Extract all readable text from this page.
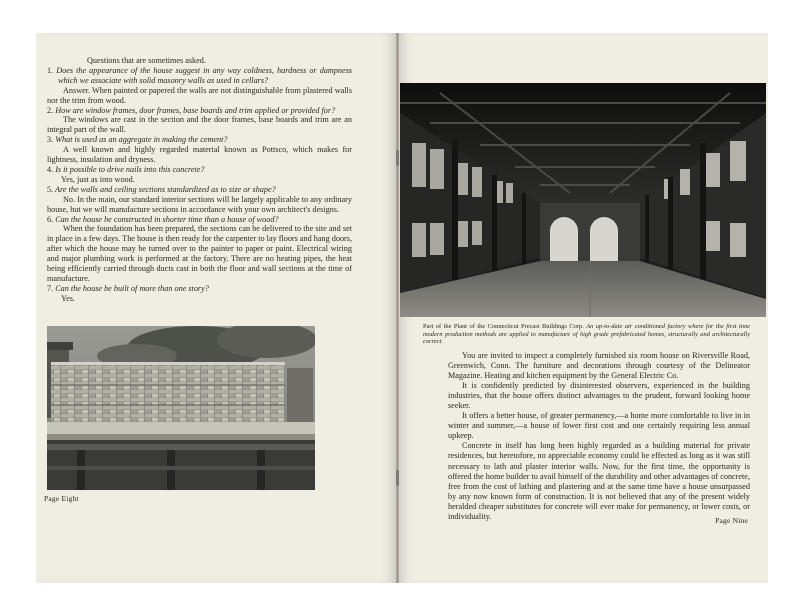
Questions that are sometimes asked.

1. Does the appearance of the house suggest in any way coldness, hardness or dampness which we associate with solid masonry walls as used in cellars?

Answer. When painted or papered the walls are not distinguishable from plastered walls nor the trim from wood.

2. How are window frames, door frames, base boards and trim applied or provided for?

The windows are cast in the section and the door frames, base boards and trim are an integral part of the wall.

3. What is used as an aggregate in making the cement?

A well known and highly regarded material known as Pottsco, which makes for lightness, insulation and dryness.

4. Is it possible to drive nails into this concrete?

Yes, just as into wood.

5. Are the walls and ceiling sections standardized as to size or shape?

No. In the main, our standard interior sections will be largely applicable to any ordinary house, but we will manufacture sections in accordance with your own architect's designs.

6. Can the house be constructed in shorter time than a house of wood?

When the foundation has been prepared, the sections can be delivered to the site and set in place in a few days. The house is then ready for the carpenter to lay floors and hang doors, after which the house may be turned over to the painter to paper or paint. Electrical wiring and major plumbing work is performed at the factory. There are no heating pipes, the heat being efficiently carried through ducts cast in both the floor and wall sections at the time of manufacture.

7. Can the house be built of more than one story?

Yes.

Page Eight
Part of the Plant of the Connecticut Precast Buildings Corp. An up-to-date air conditioned factory where for the first time modern production methods are applied to manufacture of high grade prefabricated homes, structurally and architecturally correct.

You are invited to inspect a completely furnished six room house on Riversville Road, Greenwich, Conn. The furniture and decorations through courtesy of the Delineator Magazine. Heating and kitchen equipment by the General Electric Co.

It is confidently predicted by disinterested observers, experienced in the building industries, that the house offers distinct advantages to the prudent, forward looking home seeker.

It offers a better house, of greater permanency,—a home more comfortable to live in in winter and summer,—a house of lower first cost and one certainly requiring less annual upkeep.

Concrete in itself has long been highly regarded as a building material for private residences, but heretofore, no appreciable economy could be effected as long as it was still necessary to lath and plaster interior walls. Now, for the first time, the opportunity is offered the home builder to avail himself of the durability and other advantages of concrete, free from the cost of lathing and plastering and at the same time have a house unsurpassed by any now known form of construction. It is not believed that any of the present widely heralded cheaper substitutes for concrete will ever make for permanency, or lower costs, or individuality.	Page Nine
